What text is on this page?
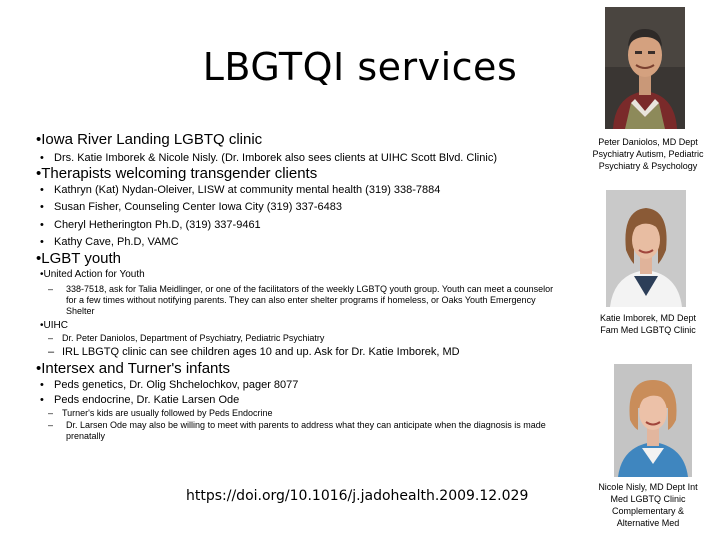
LBGTQI services
•Iowa River Landing LGBTQ clinic
• Drs. Katie Imborek & Nicole Nisly. (Dr. Imborek also sees clients at UIHC Scott Blvd. Clinic)
•Therapists welcoming transgender clients
• Kathryn (Kat) Nydan-Oleiver, LISW at community mental health (319) 338-7884
• Susan Fisher, Counseling Center Iowa City (319) 337-6483
• Cheryl Hetherington Ph.D, (319) 337-9461
• Kathy Cave, Ph.D, VAMC
•LGBT youth
•United Action for Youth
–	338-7518, ask for Talia Meidlinger, or one of the facilitators of the weekly LGBTQ youth group. Youth can meet a counselor for a few times without notifying parents. They can also enter shelter programs if homeless, or Oaks Youth Emergency Shelter
•UIHC
– Dr. Peter Daniolos, Department of Psychiatry, Pediatric Psychiatry
– IRL LBGTQ clinic can see children ages 10 and up. Ask for Dr. Katie Imborek, MD
•Intersex and Turner's infants
• Peds genetics, Dr. Olig Shchelochkov, pager 8077
• Peds endocrine, Dr. Katie Larsen Ode
– Turner's kids are usually followed by Peds Endocrine
–	Dr. Larsen Ode may also be willing to meet with parents to address what they can anticipate when the diagnosis is made prenatally
https://doi.org/10.1016/j.jadohealth.2009.12.029
Peter Daniolos, MD Dept Psychiatry Autism, Pediatric Psychiatry & Psychology
Katie Imborek, MD Dept Fam Med LGBTQ Clinic
Nicole Nisly, MD Dept Int Med LGBTQ Clinic Complementary & Alternative Med
